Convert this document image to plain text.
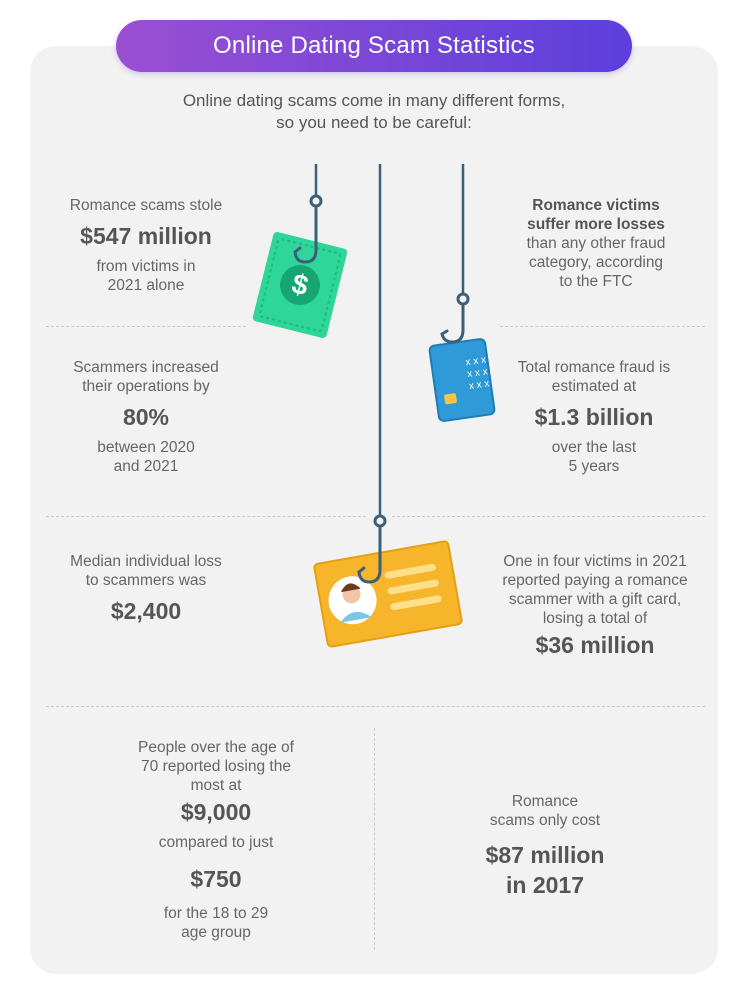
Online Dating Scam Statistics
Online dating scams come in many different forms,
so you need to be careful:
$
x x x
x x x
x x x
Romance scams stole
$547 million
from victims in
2021 alone
Romance victims
suffer more losses
than any other fraud
category, according
to the FTC
Scammers increased
their operations by
80%
between 2020
and 2021
Total romance fraud is
estimated at
$1.3 billion
over the last
5 years
Median individual loss
to scammers was
$2,400
One in four victims in 2021
reported paying a romance
scammer with a gift card,
losing a total of
$36 million
People over the age of
70 reported losing the
most at
$9,000
compared to just
$750
for the 18 to 29
age group
Romance
scams only cost
$87 million
in 2017
